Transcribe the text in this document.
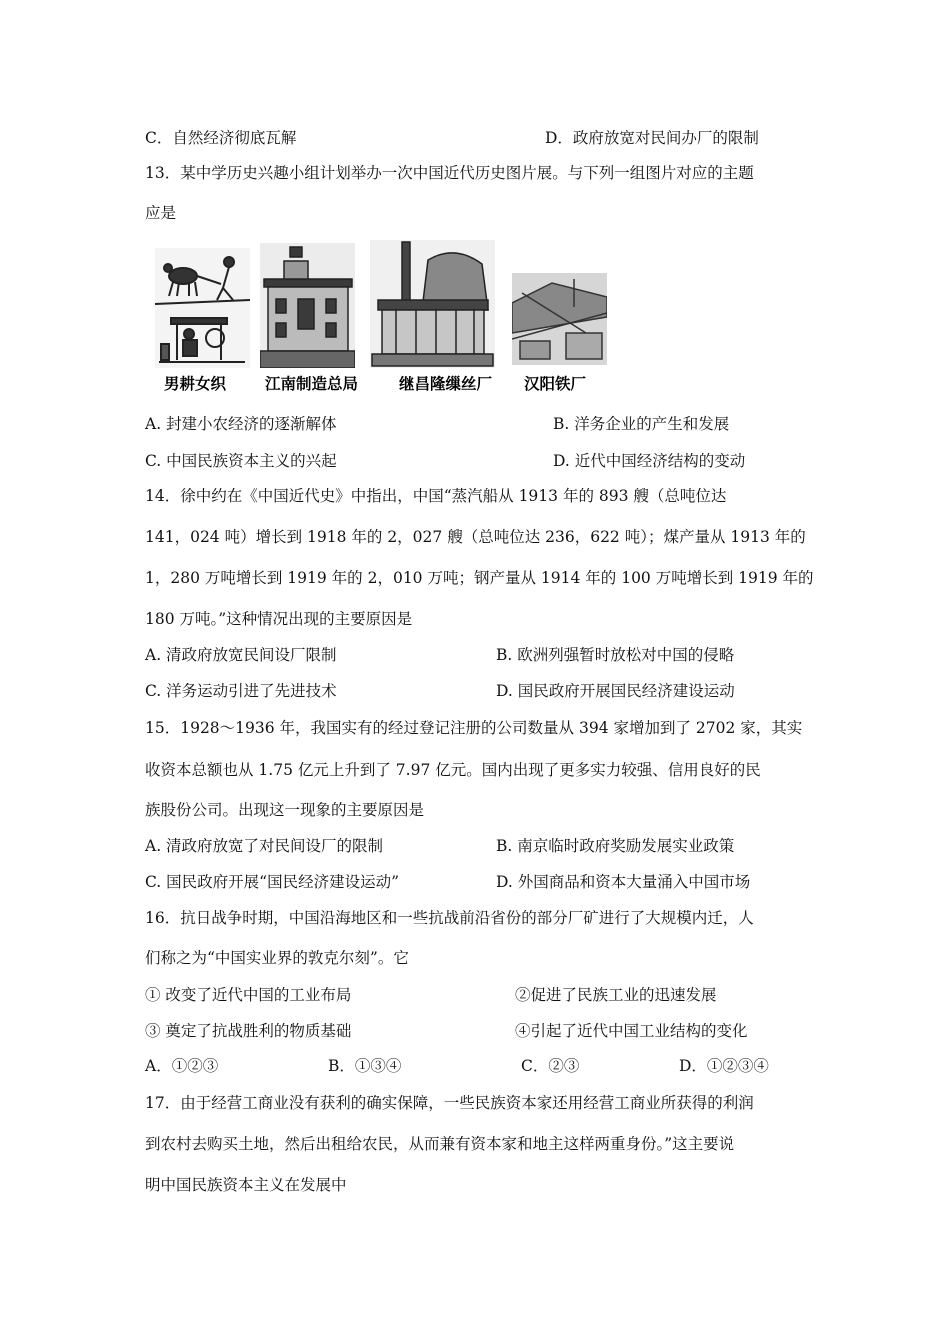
C．自然经济彻底瓦解	D．政府放宽对民间办厂的限制
13．某中学历史兴趣小组计划举办一次中国近代历史图片展。与下列一组图片对应的主题
应是
男耕女织	江南制造总局	继昌隆缫丝厂 汉阳铁厂
A. 封建小农经济的逐渐解体	B. 洋务企业的产生和发展
C. 中国民族资本主义的兴起	D. 近代中国经济结构的变动
14．徐中约在《中国近代史》中指出，中国“蒸汽船从 1913 年的 893 艘（总吨位达
141，024 吨）增长到 1918 年的 2，027 艘（总吨位达 236，622 吨）；煤产量从 1913 年的
1，280 万吨增长到 1919 年的 2，010 万吨；钢产量从 1914 年的 100 万吨增长到 1919 年的
180 万吨。”这种情况出现的主要原因是
A. 清政府放宽民间设厂限制	B. 欧洲列强暂时放松对中国的侵略
C. 洋务运动引进了先进技术	D. 国民政府开展国民经济建设运动
15．1928～1936 年，我国实有的经过登记注册的公司数量从 394 家增加到了 2702 家，其实
收资本总额也从 1.75 亿元上升到了 7.97 亿元。国内出现了更多实力较强、信用良好的民
族股份公司。出现这一现象的主要原因是
A. 清政府放宽了对民间设厂的限制	B. 南京临时政府奖励发展实业政策
C. 国民政府开展“国民经济建设运动”	D. 外国商品和资本大量涌入中国市场
16．抗日战争时期，中国沿海地区和一些抗战前沿省份的部分厂矿进行了大规模内迁，人
们称之为“中国实业界的敦克尔刻”。它
① 改变了近代中国的工业布局	②促进了民族工业的迅速发展
③ 奠定了抗战胜利的物质基础	④引起了近代中国工业结构的变化
A．①②③	B．①③④	C．②③	D．①②③④
17．由于经营工商业没有获利的确实保障，一些民族资本家还用经营工商业所获得的利润
到农村去购买土地，然后出租给农民，从而兼有资本家和地主这样两重身份。”这主要说
明中国民族资本主义在发展中
